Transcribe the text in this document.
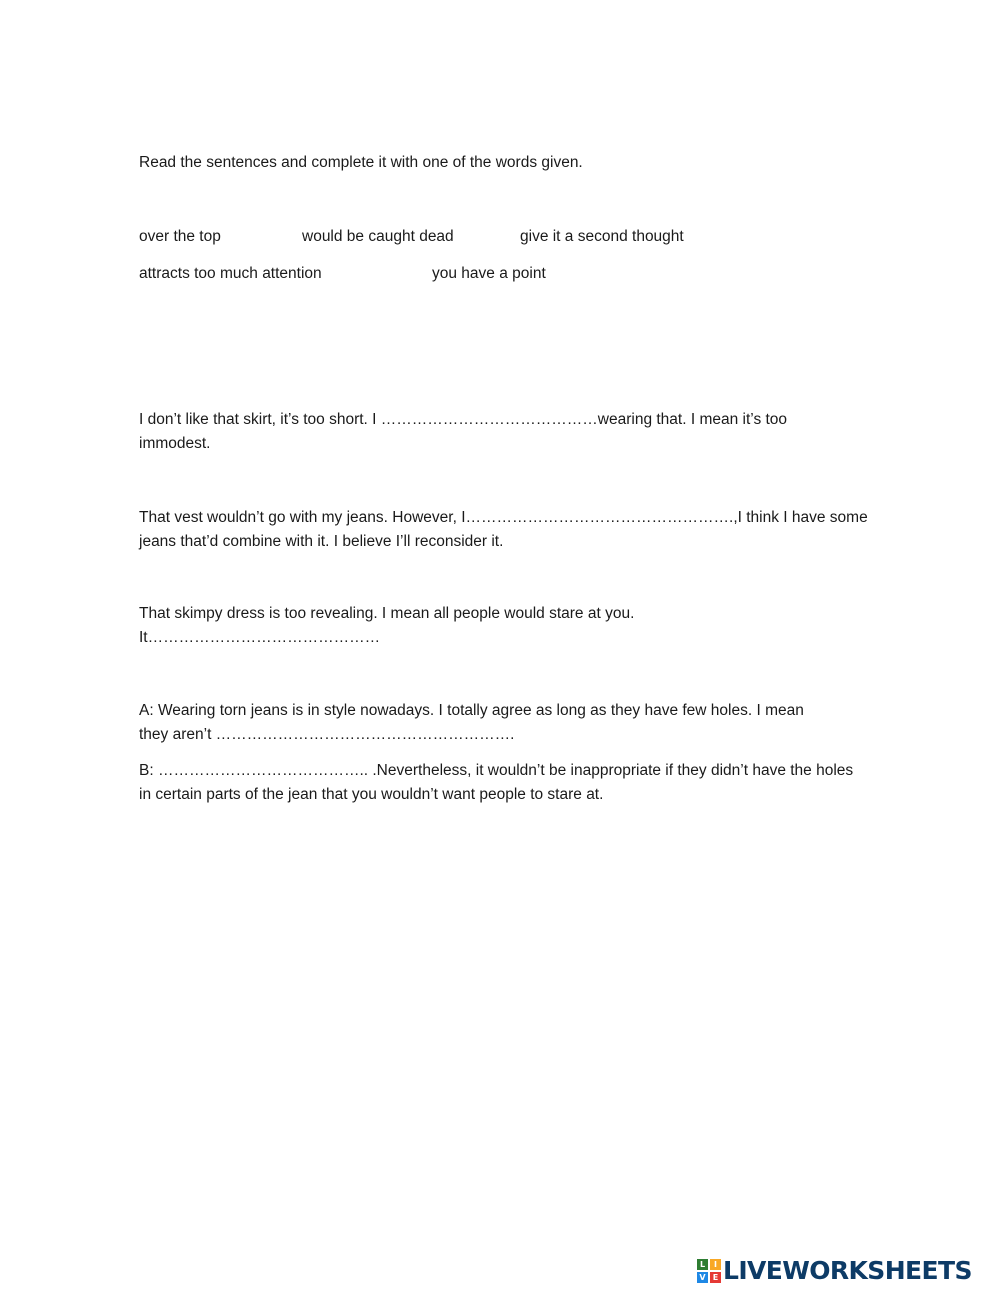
Read the sentences and complete it with one of the words given.
over the top	would be caught dead	give it a second thought
attracts too much attention	you have a point
I don’t like that skirt, it’s too short. I ……………………………………wearing that. I mean it’s too
immodest.
That vest wouldn’t go with my jeans. However, I…………………………………………….,I think I have some
jeans that’d combine with it. I believe I’ll reconsider it.
That skimpy dress is too revealing. I mean all people would stare at you.
It………………………………………
A: Wearing torn jeans is in style nowadays. I totally agree as long as they have few holes. I mean
they aren’t ………………………………………………….
B: ………………………………….. .Nevertheless, it wouldn’t be inappropriate if they didn’t have the holes
in certain parts of the jean that you wouldn’t want people to stare at.
L	I
V E LIVEWORKSHEETS
